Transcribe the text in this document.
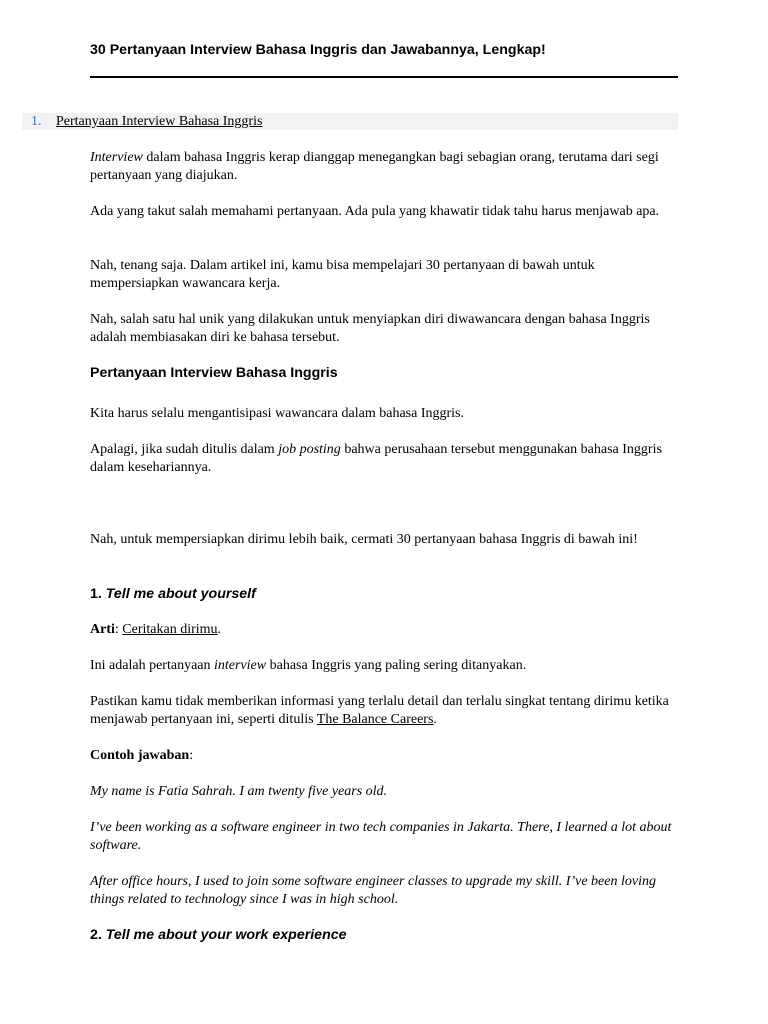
30 Pertanyaan Interview Bahasa Inggris dan Jawabannya, Lengkap!
1. Pertanyaan Interview Bahasa Inggris

Interview dalam bahasa Inggris kerap dianggap menegangkan bagi sebagian orang, terutama dari segi pertanyaan yang diajukan.

Ada yang takut salah memahami pertanyaan. Ada pula yang khawatir tidak tahu harus menjawab apa.

Nah, tenang saja. Dalam artikel ini, kamu bisa mempelajari 30 pertanyaan di bawah untuk mempersiapkan wawancara kerja.

Nah, salah satu hal unik yang dilakukan untuk menyiapkan diri diwawancara dengan bahasa Inggris adalah membiasakan diri ke bahasa tersebut.

Pertanyaan Interview Bahasa Inggris

Kita harus selalu mengantisipasi wawancara dalam bahasa Inggris.

Apalagi, jika sudah ditulis dalam job posting bahwa perusahaan tersebut menggunakan bahasa Inggris dalam kesehariannya.

Nah, untuk mempersiapkan dirimu lebih baik, cermati 30 pertanyaan bahasa Inggris di bawah ini!

1. Tell me about yourself

Arti: Ceritakan dirimu.

Ini adalah pertanyaan interview bahasa Inggris yang paling sering ditanyakan.

Pastikan kamu tidak memberikan informasi yang terlalu detail dan terlalu singkat tentang dirimu ketika menjawab pertanyaan ini, seperti ditulis The Balance Careers.

Contoh jawaban:

My name is Fatia Sahrah. I am twenty five years old.

I’ve been working as a software engineer in two tech companies in Jakarta. There, I learned a lot about software.

After office hours, I used to join some software engineer classes to upgrade my skill. I’ve been loving things related to technology since I was in high school.

2. Tell me about your work experience
